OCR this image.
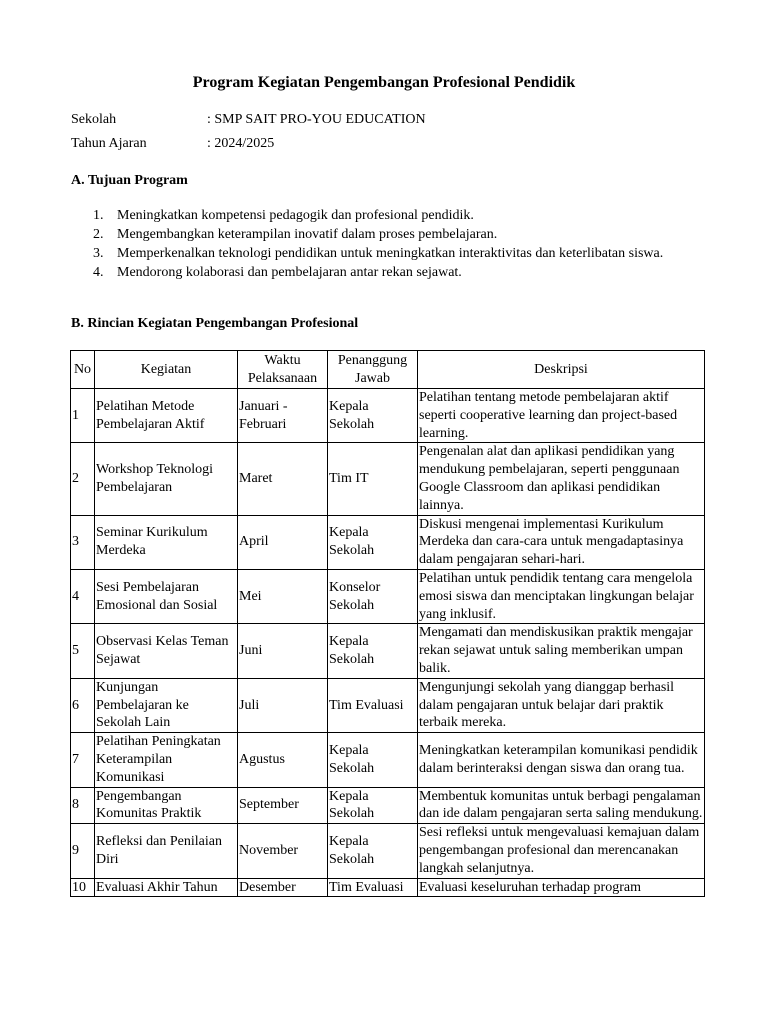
Program Kegiatan Pengembangan Profesional Pendidik
Sekolah	: SMP SAIT PRO-YOU EDUCATION
Tahun Ajaran	: 2024/2025
A. Tujuan Program
1. Meningkatkan kompetensi pedagogik dan profesional pendidik.
2. Mengembangkan keterampilan inovatif dalam proses pembelajaran.
3. Memperkenalkan teknologi pendidikan untuk meningkatkan interaktivitas dan keterlibatan siswa.
4. Mendorong kolaborasi dan pembelajaran antar rekan sejawat.
B. Rincian Kegiatan Pengembangan Profesional
No	Kegiatan	Waktu Pelaksanaan	Penanggung Jawab	Deskripsi
1	Pelatihan Metode Pembelajaran Aktif	Januari - Februari	Kepala Sekolah	Pelatihan tentang metode pembelajaran aktif seperti cooperative learning dan project-based learning.
2	Workshop Teknologi Pembelajaran	Maret	Tim IT	Pengenalan alat dan aplikasi pendidikan yang mendukung pembelajaran, seperti penggunaan Google Classroom dan aplikasi pendidikan lainnya.
3	Seminar Kurikulum Merdeka	April	Kepala Sekolah	Diskusi mengenai implementasi Kurikulum Merdeka dan cara-cara untuk mengadaptasinya dalam pengajaran sehari-hari.
4	Sesi Pembelajaran Emosional dan Sosial	Mei	Konselor Sekolah	Pelatihan untuk pendidik tentang cara mengelola emosi siswa dan menciptakan lingkungan belajar yang inklusif.
5	Observasi Kelas Teman Sejawat	Juni	Kepala Sekolah	Mengamati dan mendiskusikan praktik mengajar rekan sejawat untuk saling memberikan umpan balik.
6	Kunjungan Pembelajaran ke Sekolah Lain	Juli	Tim Evaluasi	Mengunjungi sekolah yang dianggap berhasil dalam pengajaran untuk belajar dari praktik terbaik mereka.
7	Pelatihan Peningkatan Keterampilan Komunikasi	Agustus	Kepala Sekolah	Meningkatkan keterampilan komunikasi pendidik dalam berinteraksi dengan siswa dan orang tua.
8	Pengembangan Komunitas Praktik	September	Kepala Sekolah	Membentuk komunitas untuk berbagi pengalaman dan ide dalam pengajaran serta saling mendukung.
9	Refleksi dan Penilaian Diri	November	Kepala Sekolah	Sesi refleksi untuk mengevaluasi kemajuan dalam pengembangan profesional dan merencanakan langkah selanjutnya.
10	Evaluasi Akhir Tahun	Desember	Tim Evaluasi	Evaluasi keseluruhan terhadap program
